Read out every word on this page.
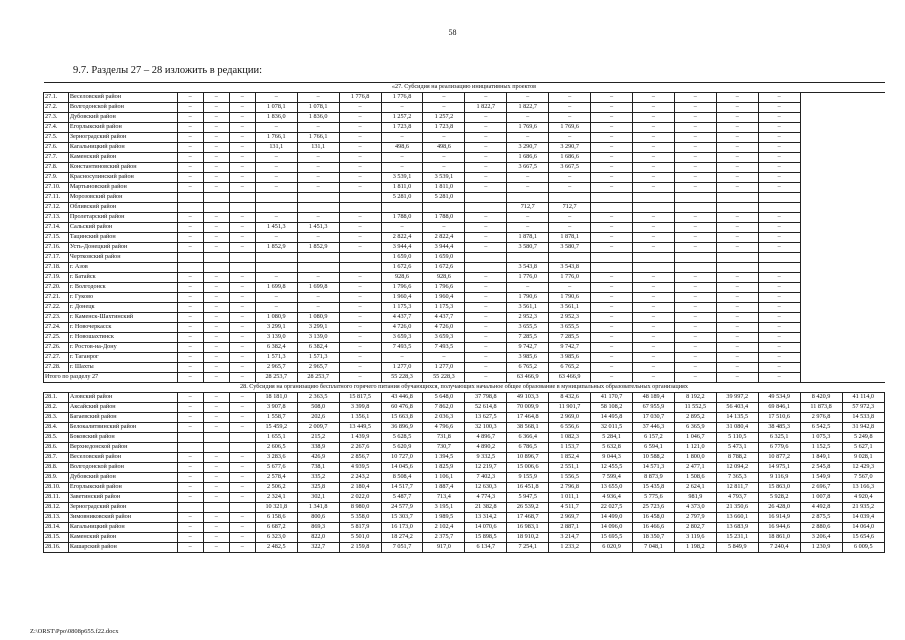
58
9.7. Разделы 27 – 28 изложить в редакции:
«27. Субсидия на реализацию инициативных проектов																			
27.1.	Веселовский район	–	–	–	–	–	1 776,8	1 776,8	–	–	–	–	–	–	–	–	–		
27.2.	Волгодонской район	–	–	–	1 078,1	1 078,1	–	–	–	1 822,7	1 822,7	–	–	–	–	–	–		
27.3.	Дубовский район	–	–	–	1 836,0	1 836,0	–	1 257,2	1 257,2	–	–	–	–	–	–	–	–		
27.4.	Егорлыкский район	–	–	–	–	–	–	1 723,8	1 723,8	–	1 769,6	1 769,6	–	–	–	–	–		
27.5.	Зерноградский район	–	–	–	1 766,1	1 766,1	–	–	–	–	–	–	–	–	–	–	–		
27.6.	Кагальницкий район	–	–	–	131,1	131,1	–	498,6	498,6	–	3 290,7	3 290,7	–	–	–	–	–		
27.7.	Каменский район	–	–	–	–	–	–	–	–	–	1 686,6	1 686,6	–	–	–	–	–		
27.8.	Константиновский район	–	–	–	–	–	–	–	–	–	3 667,5	3 667,5	–	–	–	–	–		
27.9.	Красносулинский район	–	–	–	–	–	–	3 539,1	3 539,1	–	–	–	–	–	–	–	–		
27.10.	Мартыновский район	–	–	–	–	–	–	1 811,0	1 811,0	–	–	–	–	–	–	–	–		
27.11.	Морозовский район							5 281,0	5 281,0										
27.12.	Обливский район										712,7	712,7							
27.13.	Пролетарский район	–	–	–	–	–	–	1 788,0	1 788,0	–	–	–	–	–	–	–	–		
27.14.	Сальский район	–	–	–	1 451,3	1 451,3	–	–	–	–	–	–	–	–	–	–	–		
27.15.	Тацинский район	–	–	–	–	–	–	2 822,4	2 822,4	–	1 878,1	1 878,1	–	–	–	–	–		
27.16.	Усть-Донецкий район	–	–	–	1 852,9	1 852,9	–	3 944,4	3 944,4	–	3 580,7	3 580,7	–	–	–	–	–		
27.17.	Чертковский район							1 659,0	1 659,0										
27.18.	г. Азов							1 672,6	1 672,6		3 543,8	3 543,8							
27.19.	г. Батайск	–	–	–	–	–	–	928,6	928,6	–	1 776,0	1 776,0	–	–	–	–	–		
27.20.	г. Волгодонск	–	–	–	1 699,8	1 699,8	–	1 796,6	1 796,6	–	–	–	–	–	–	–	–		
27.21.	г. Гуково	–	–	–	–	–	–	1 960,4	1 960,4	–	1 790,6	1 790,6	–	–	–	–	–		
27.22.	г. Донецк	–	–	–	–	–	–	1 175,3	1 175,3	–	3 561,1	3 561,1	–	–	–	–	–		
27.23.	г. Каменск-Шахтинский	–	–	–	1 080,9	1 080,9	–	4 437,7	4 437,7	–	2 952,3	2 952,3	–	–	–	–	–		
27.24.	г. Новочеркасск	–	–	–	3 299,1	3 299,1	–	4 726,0	4 726,0	–	3 655,5	3 655,5	–	–	–	–	–		
27.25.	г. Новошахтинск	–	–	–	3 139,0	3 139,0	–	3 659,3	3 659,3	–	7 285,5	7 285,5	–	–	–	–	–		
27.26.	г. Ростов-на-Дону	–	–	–	6 382,4	6 382,4	–	7 493,5	7 493,5	–	9 742,7	9 742,7	–	–	–	–	–		
27.27.	г. Таганрог	–	–	–	1 571,3	1 571,3	–	–	–	–	3 985,6	3 985,6	–	–	–	–	–		
27.28.	г. Шахты	–	–	–	2 965,7	2 965,7	–	1 277,0	1 277,0	–	6 765,2	6 765,2	–	–	–	–	–		
Итого по разделу 27		–	–	–	28 253,7	28 253,7	–	55 228,3	55 228,3	–	63 466,9	63 466,9	–	–	–	–	–		
28. Субсидия на организацию бесплатного горячего питания обучающихся, получающих начальное общее образование в муниципальных образовательных организациях																			
28.1.	Азовский район	–	–	–	18 181,0	2 363,5	15 817,5	43 446,8	5 648,0	37 798,8	49 103,3	8 432,6	41 170,7	48 189,4	8 192,2	39 997,2	49 534,9	8 420,9	41 114,0
28.2.	Аксайский район	–	–	–	3 907,8	508,0	3 399,8	60 476,8	7 862,0	52 614,8	70 009,9	11 901,7	58 108,2	67 955,9	11 552,5	56 403,4	69 846,1	11 873,8	57 972,3
28.3.	Багаевский район	–	–	–	1 558,7	202,6	1 356,1	15 663,8	2 036,3	13 627,5	17 464,8	2 969,0	14 495,8	17 030,7	2 895,2	14 135,5	17 510,6	2 976,8	14 533,8
28.4.	Белокалитвинский район	–	–	–	15 459,2	2 009,7	13 449,5	36 896,9	4 796,6	32 100,3	38 568,1	6 556,6	32 011,5	37 446,3	6 365,9	31 080,4	38 485,3	6 542,5	31 942,8
28.5.	Боковский район				1 655,1	215,2	1 439,9	5 628,5	731,8	4 896,7	6 366,4	1 082,3	5 284,1	6 157,2	1 046,7	5 110,5	6 325,1	1 075,3	5 249,8
28.6.	Верхнедонской район				2 606,5	338,9	2 267,6	5 620,9	730,7	4 890,2	6 786,5	1 153,7	5 632,8	6 594,1	1 121,0	5 473,1	6 779,6	1 152,5	5 627,1
28.7.	Веселовский район	–	–	–	3 283,6	426,9	2 856,7	10 727,0	1 394,5	9 332,5	10 896,7	1 852,4	9 044,3	10 588,2	1 800,0	8 788,2	10 877,2	1 849,1	9 028,1
28.8.	Волгодонской район	–	–	–	5 677,6	738,1	4 939,5	14 045,6	1 825,9	12 219,7	15 006,6	2 551,1	12 455,5	14 571,3	2 477,1	12 094,2	14 975,1	2 545,8	12 429,3
28.9.	Дубовский район	–	–	–	2 578,4	335,2	2 243,2	8 508,4	1 106,1	7 402,3	9 155,9	1 556,5	7 599,4	8 873,9	1 508,6	7 365,3	9 116,9	1 549,9	7 567,0
28.10.	Егорлыкский район	–	–	–	2 506,2	325,8	2 180,4	14 517,7	1 887,4	12 630,3	16 451,8	2 796,8	13 655,0	15 435,8	2 624,1	12 811,7	15 863,0	2 696,7	13 166,3
28.11.	Заветинский район	–	–	–	2 324,1	302,1	2 022,0	5 487,7	713,4	4 774,3	5 947,5	1 011,1	4 936,4	5 775,6	981,9	4 793,7	5 928,2	1 007,8	4 920,4
28.12.	Зерноградский район				10 321,8	1 341,8	8 980,0	24 577,9	3 195,1	21 382,8	26 539,2	4 511,7	22 027,5	25 723,6	4 373,0	21 350,6	26 428,0	4 492,8	21 935,2
28.13.	Зимовниковский район	–	–	–	6 158,6	800,6	5 358,0	15 303,7	1 989,5	13 314,2	17 468,7	2 969,7	14 499,0	16 458,0	2 797,9	13 660,1	16 914,9	2 875,5	14 039,4
28.14.	Кагальницкий район	–	–	–	6 687,2	869,3	5 817,9	16 173,0	2 102,4	14 070,6	16 983,1	2 887,1	14 096,0	16 466,6	2 802,7	13 683,9	16 944,6	2 880,6	14 064,0
28.15.	Каменский район	–	–	–	6 323,0	822,0	5 501,0	18 274,2	2 375,7	15 898,5	18 910,2	3 214,7	15 695,5	18 350,7	3 119,6	15 231,1	18 861,0	3 206,4	15 654,6
28.16.	Кашарский район	–	–	–	2 482,5	322,7	2 159,8	7 051,7	917,0	6 134,7	7 254,1	1 233,2	6 020,9	7 048,1	1 198,2	5 849,9	7 240,4	1 230,9	6 009,5
Z:\ORST\Ppo\0808p655.f22.docx
